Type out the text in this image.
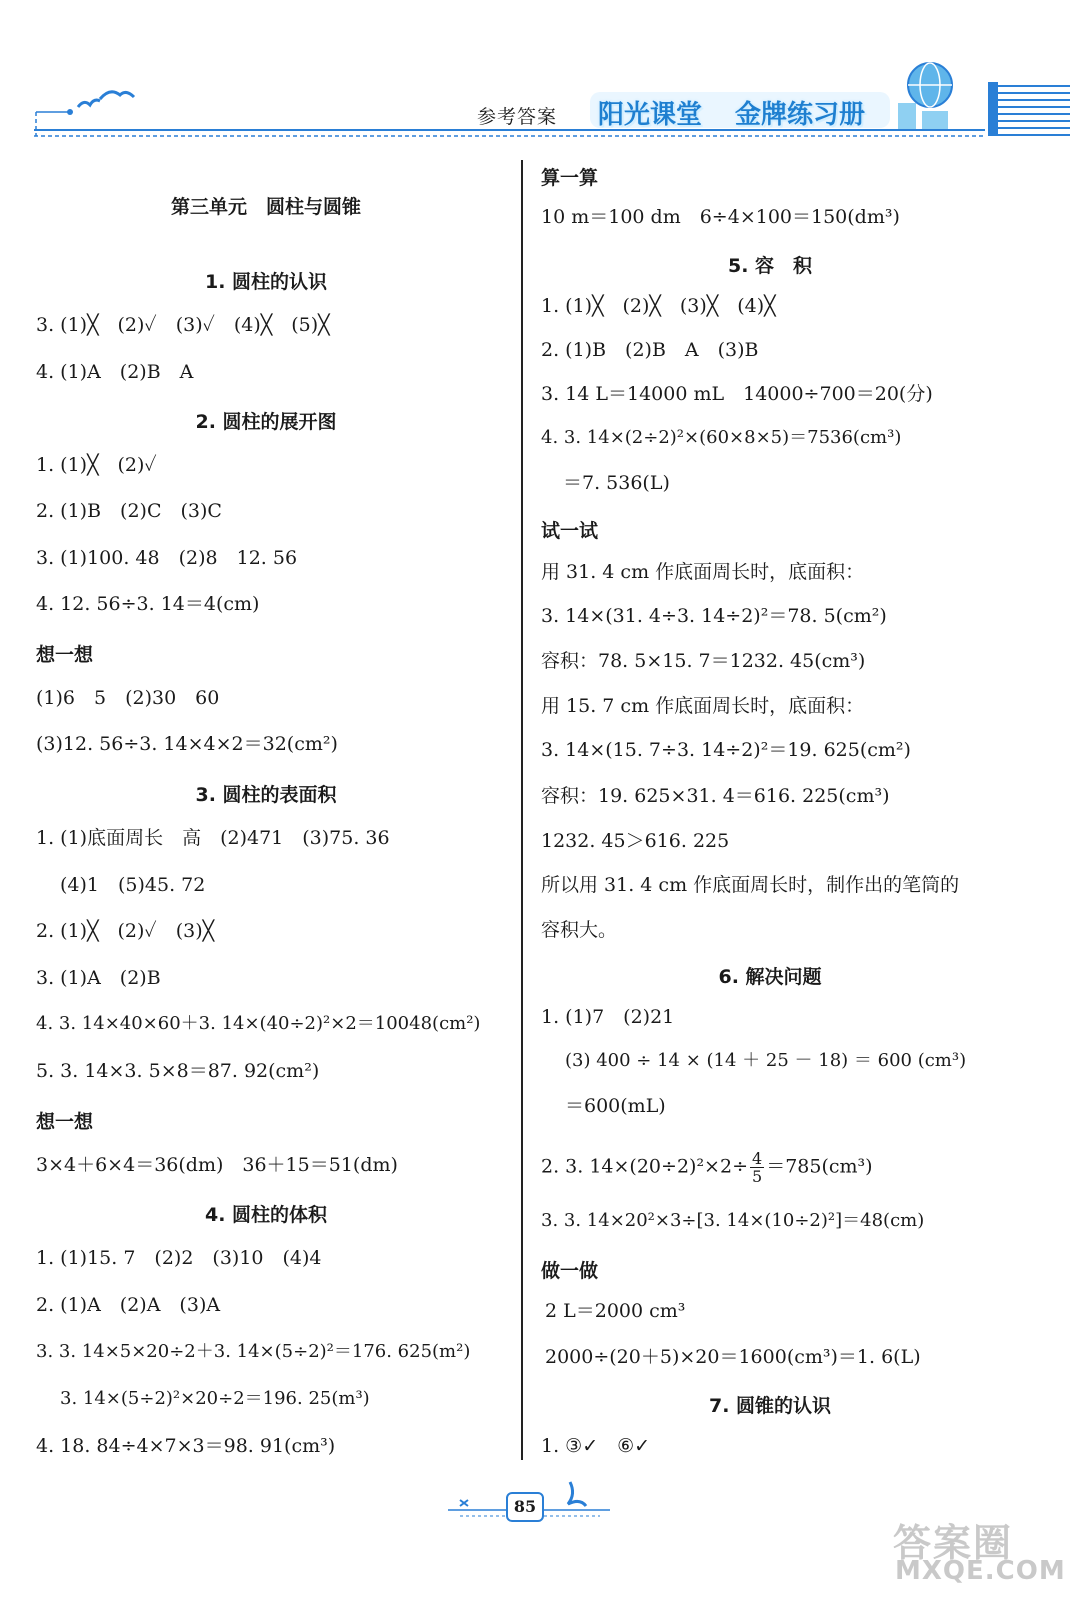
参考答案 阳光课堂 金牌练习册
第三单元　圆柱与圆锥
1. 圆柱的认识
3. (1)╳　(2)✓　(3)✓　(4)╳　(5)╳
4. (1)A　(2)B　A
2. 圆柱的展开图
1. (1)╳　(2)✓
2. (1)B　(2)C　(3)C
3. (1)100. 48　(2)8　12. 56
4. 12. 56÷3. 14＝4(cm)
想一想
(1)6　5　(2)30　60
(3)12. 56÷3. 14×4×2＝32(cm²)
3. 圆柱的表面积
1. (1)底面周长　高　(2)471　(3)75. 36
(4)1　(5)45. 72
2. (1)╳　(2)✓　(3)╳
3. (1)A　(2)B
4. 3. 14×40×60＋3. 14×(40÷2)²×2＝10048(cm²)
5. 3. 14×3. 5×8＝87. 92(cm²)
想一想
3×4＋6×4＝36(dm)　36＋15＝51(dm)
4. 圆柱的体积
1. (1)15. 7　(2)2　(3)10　(4)4
2. (1)A　(2)A　(3)A
3. 3. 14×5×20÷2＋3. 14×(5÷2)²＝176. 625(m²)
3. 14×(5÷2)²×20÷2＝196. 25(m³)
4. 18. 84÷4×7×3＝98. 91(cm³)
算一算
10 m＝100 dm　6÷4×100＝150(dm³)
5. 容　积
1. (1)╳　(2)╳　(3)╳　(4)╳
2. (1)B　(2)B　A　(3)B
3. 14 L＝14000 mL　14000÷700＝20(分)
4. 3. 14×(2÷2)²×(60×8×5)＝7536(cm³)
＝7. 536(L)
试一试
用 31. 4 cm 作底面周长时，底面积：
3. 14×(31. 4÷3. 14÷2)²＝78. 5(cm²)
容积：78. 5×15. 7＝1232. 45(cm³)
用 15. 7 cm 作底面周长时，底面积：
3. 14×(15. 7÷3. 14÷2)²＝19. 625(cm²)
容积：19. 625×31. 4＝616. 225(cm³)
1232. 45＞616. 225
所以用 31. 4 cm 作底面周长时，制作出的笔筒的
容积大。
6. 解决问题
1. (1)7　(2)21
(3) 400 ÷ 14 × (14 ＋ 25 － 18) ＝ 600 (cm³)
＝600(mL)
2. 3. $14\times(20\div 2)^2\times 2\div \frac{4}{5} =785(cm^3)$
3. 3. 14×20²×3÷[3. 14×(10÷2)²]＝48(cm)
做一做
2 L＝2000 cm³
2000÷(20＋5)×20＝1600(cm³)＝1. 6(L)
7. 圆锥的认识
1. ③✓　⑥✓
85
答案圈
MXQE.COM
